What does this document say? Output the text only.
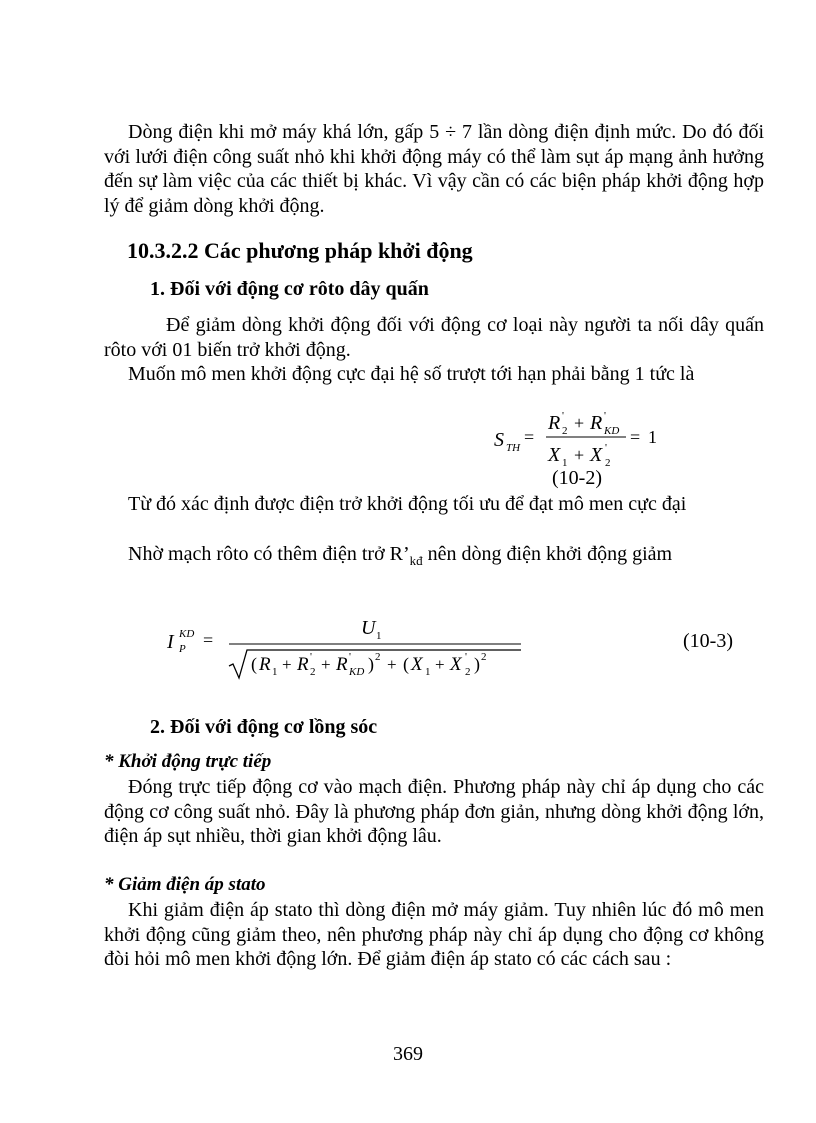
Dòng điện khi mở máy khá lớn, gấp 5 ÷ 7 lần dòng điện định mức. Do đó đối với lưới điện công suất nhỏ khi khởi động máy có thể làm sụt áp mạng ảnh hưởng đến sự làm việc của các thiết bị khác. Vì vậy cần có các biện pháp khởi động hợp lý để giảm dòng khởi động.

10.3.2.2 Các phương pháp khởi động
1. Đối với động cơ rôto dây quấn

Để giảm dòng khởi động đối với động cơ loại này người ta nối dây quấn rôto với 01 biến trở khởi động.

Muốn mô men khởi động cực đại hệ số trượt tới hạn phải bằng 1 tức là

S TH
=
R '
2 + R '
KD
X 1 + X '
2
= 1
(10-2)

Từ đó xác định được điện trở khởi động tối ưu để đạt mô men cực đại

Nhờ mạch rôto có thêm điện trở $R’_{kđ}$ nên dòng điện khởi động giảm

I KD
P =
U 1
( R 1 + R '
2 + R '
KD ) 2 + ( X 1 + X '
2 ) 2
(10-3)
2. Đối với động cơ lồng sóc
* Khởi động trực tiếp

Đóng trực tiếp động cơ vào mạch điện. Phương pháp này chỉ áp dụng cho các động cơ công suất nhỏ. Đây là phương pháp đơn giản, nhưng dòng khởi động lớn, điện áp sụt nhiều, thời gian khởi động lâu.

* Giảm điện áp stato

Khi giảm điện áp stato thì dòng điện mở máy giảm. Tuy nhiên lúc đó mô men khởi động cũng giảm theo, nên phương pháp này chỉ áp dụng cho động cơ không đòi hỏi mô men khởi động lớn. Để giảm điện áp stato có các cách sau :

369
